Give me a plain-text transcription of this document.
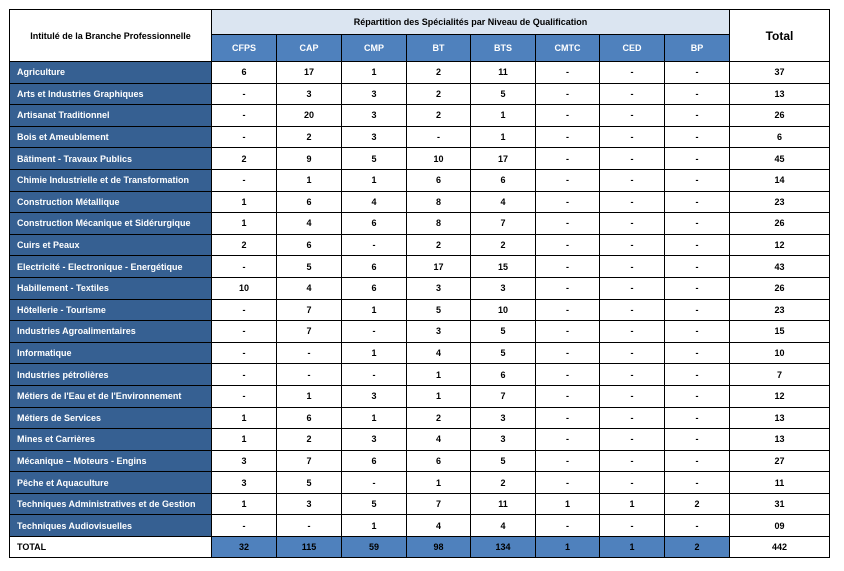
Intitulé de la Branche Professionnelle	Répartition des Spécialités par Niveau de Qualification								Total
	CFPS	CAP	CMP	BT	BTS	CMTC	CED	BP	
Agriculture	6	17	1	2	11	-	-	-	37
Arts et Industries Graphiques	-	3	3	2	5	-	-	-	13
Artisanat Traditionnel	-	20	3	2	1	-	-	-	26
Bois et Ameublement	-	2	3	-	1	-	-	-	6
Bâtiment - Travaux Publics	2	9	5	10	17	-	-	-	45
Chimie Industrielle et de Transformation	-	1	1	6	6	-	-	-	14
Construction Métallique	1	6	4	8	4	-	-	-	23
Construction Mécanique et Sidérurgique	1	4	6	8	7	-	-	-	26
Cuirs et Peaux	2	6	-	2	2	-	-	-	12
Electricité - Electronique - Energétique	-	5	6	17	15	-	-	-	43
Habillement - Textiles	10	4	6	3	3	-	-	-	26
Hôtellerie - Tourisme	-	7	1	5	10	-	-	-	23
Industries Agroalimentaires	-	7	-	3	5	-	-	-	15
Informatique	-	-	1	4	5	-	-	-	10
Industries pétrolières	-	-	-	1	6	-	-	-	7
Métiers de l'Eau et de l'Environnement	-	1	3	1	7	-	-	-	12
Métiers de Services	1	6	1	2	3	-	-	-	13
Mines et Carrières	1	2	3	4	3	-	-	-	13
Mécanique – Moteurs - Engins	3	7	6	6	5	-	-	-	27
Pêche et Aquaculture	3	5	-	1	2	-	-	-	11
Techniques Administratives et de Gestion	1	3	5	7	11	1	1	2	31
Techniques Audiovisuelles	-	-	1	4	4	-	-	-	09
TOTAL	32	115	59	98	134	1	1	2	442
